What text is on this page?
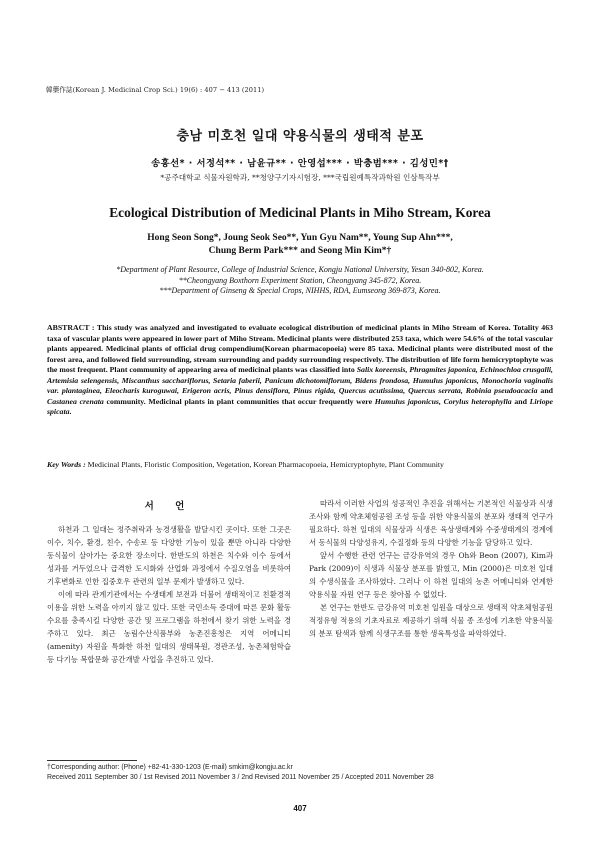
韓藥作誌(Korean J. Medicinal Crop Sci.) 19(6) : 407 − 413 (2011)
충남 미호천 일대 약용식물의 생태적 분포
송홍선* · 서정석** · 남윤규** · 안영섭*** · 박충범*** · 김성민*†
*공주대학교 식물자원학과, **청양구기자시험장, ***국립원예특작과학원 인삼특작부
Ecological Distribution of Medicinal Plants in Miho Stream, Korea
Hong Seon Song*, Joung Seok Seo**, Yun Gyu Nam**, Young Sup Ahn***,
Chung Berm Park*** and Seong Min Kim*†
*Department of Plant Resource, College of Industrial Science, Kongju National University, Yesan 340-802, Korea.
**Cheongyang Boxthorn Experiment Station, Cheongyang 345-872, Korea.
***Department of Ginseng & Special Crops, NIHHS, RDA, Eumseong 369-873, Korea.
ABSTRACT : This study was analyzed and investigated to evaluate ecological distribution of medicinal plants in Miho Stream of Korea. Totality 463 taxa of vascular plants were appeared in lower part of Miho Stream. Medicinal plants were distributed 253 taxa, which were 54.6% of the total vascular plants appeared. Medicinal plants of official drug compendium(Korean pharmacopoeia) were 85 taxa. Medicinal plants were distributed most of the forest area, and followed field surrounding, stream surrounding and paddy surrounding respectively. The distribution of life form hemicryptophyte was the most frequent. Plant community of appearing area of medicinal plants was classified into Salix koreensis, Phragmites japonica, Echinochloa crusgalli, Artemisia selengensis, Miscanthus sacchariflorus, Setaria faberii, Panicum dichotomiflorum, Bidens frondosa, Humulus japonicus, Monochoria vaginalis var. plantaginea, Eleocharis kuroguwai, Erigeron acris, Pinus densiflora, Pinus rigida, Quercus acutissima, Quercus serrata, Robinia pseudoacacia and Castanea crenata community. Medicinal plants in plant communities that occur frequently were Humulus japonicus, Corylus heterophylla and Liriope spicata.
Key Words : Medicinal Plants, Floristic Composition, Vegetation, Korean Pharmacopoeia, Hemicryptophyte, Plant Community
서 언

하천과 그 일대는 정주취락과 농경생활을 발달시킨 곳이다. 또한 그곳은 이수, 치수, 환경, 친수, 수송로 등 다양한 기능이 있을 뿐만 아니라 다양한 동식물이 살아가는 중요한 장소이다. 한반도의 하천은 치수와 이수 등에서 성과를 거두었으나 급격한 도시화와 산업화 과정에서 수질오염을 비롯하여 기후변화로 인한 집중호우 관련의 일부 문제가 발생하고 있다.

이에 따라 관계기관에서는 수생태계 보전과 더불어 생태적이고 친환경적 이용을 위한 노력을 아끼지 않고 있다. 또한 국민소득 증대에 따른 문화 활동 수요를 충족시킬 다양한 공간 및 프로그램을 하천에서 찾기 위한 노력을 경주하고 있다. 최근 농림수산식품부와 농촌진흥청은 지역 어메니티 (amenity) 자원을 특화한 하천 일대의 생태복원, 경관조성, 농촌체험학습 등 다기능 복합문화 공간개발 사업을 추진하고 있다.

따라서 이러한 사업의 성공적인 추진을 위해서는 기본적인 식물상과 식생 조사와 함께 약초체험공원 조성 등을 위한 약용식물의 분포와 생태적 연구가 필요하다. 하천 일대의 식물상과 식생은 육상생태계와 수중생태계의 경계에서 동식물의 다양성유지, 수질정화 등의 다양한 기능을 담당하고 있다.

앞서 수행한 관련 연구는 금강유역의 경우 Oh와 Beon (2007), Kim과 Park (2009)이 식생과 식물상 분포를 밝혔고, Min (2000)은 미호천 일대의 수생식물을 조사하였다. 그러나 이 하천 일대의 농촌 어메니티와 연계한 약용식물 자원 연구 등은 찾아볼 수 없었다.

본 연구는 한반도 금강유역 미호천 일원을 대상으로 생태적 약초체험공원 적정유형 적용의 기초자료로 제공하기 위해 식물 종 조성에 기초한 약용식물의 분포 탐색과 함께 식생구조를 통한 생육특성을 파악하였다.

†Corresponding author: (Phone) +82-41-330-1203 (E-mail) smkim@kongju.ac.kr
Received 2011 September 30 / 1st Revised 2011 November 3 / 2nd Revised 2011 November 25 / Accepted 2011 November 28
407
